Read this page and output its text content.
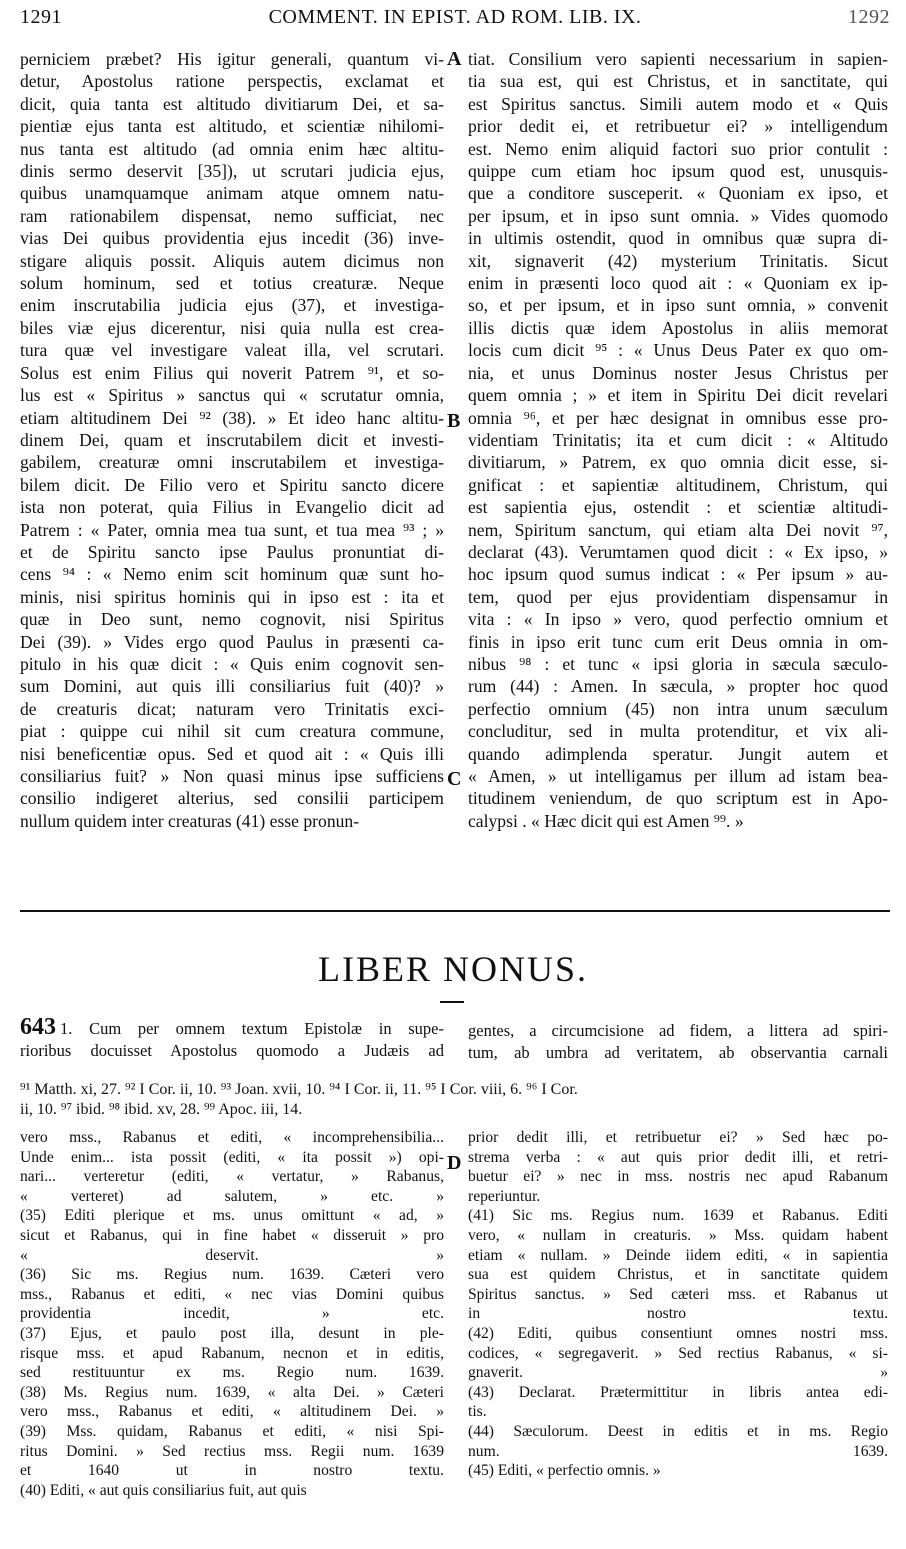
1291	COMMENT. IN EPIST. AD ROM. LIB. IX.	1292
perniciem præbet? His igitur generali, quantum vi-
detur, Apostolus ratione perspectis, exclamat et
dicit, quia tanta est altitudo divitiarum Dei, et sa-
pientiæ ejus tanta est altitudo, et scientiæ nihilomi-
nus tanta est altitudo (ad omnia enim hæc altitu-
dinis sermo deservit [35]), ut scrutari judicia ejus,
quibus unamquamque animam atque omnem natu-
ram rationabilem dispensat, nemo sufficiat, nec
vias Dei quibus providentia ejus incedit (36) inve-
stigare aliquis possit. Aliquis autem dicimus non
solum hominum, sed et totius creaturæ. Neque
enim inscrutabilia judicia ejus (37), et investiga-
biles viæ ejus dicerentur, nisi quia nulla est crea-
tura quæ vel investigare valeat illa, vel scrutari.
Solus est enim Filius qui noverit Patrem ⁹¹, et so-
lus est « Spiritus » sanctus qui « scrutatur omnia,
etiam altitudinem Dei ⁹² (38). » Et ideo hanc altitu-
dinem Dei, quam et inscrutabilem dicit et investi-
gabilem, creaturæ omni inscrutabilem et investiga-
bilem dicit. De Filio vero et Spiritu sancto dicere
ista non poterat, quia Filius in Evangelio dicit ad
Patrem : « Pater, omnia mea tua sunt, et tua mea ⁹³ ; »
et de Spiritu sancto ipse Paulus pronuntiat di-
cens ⁹⁴ : « Nemo enim scit hominum quæ sunt ho-
minis, nisi spiritus hominis qui in ipso est : ita et
quæ in Deo sunt, nemo cognovit, nisi Spiritus
Dei (39). » Vides ergo quod Paulus in præsenti ca-
pitulo in his quæ dicit : « Quis enim cognovit sen-
sum Domini, aut quis illi consiliarius fuit (40)? »
de creaturis dicat; naturam vero Trinitatis exci-
piat : quippe cui nihil sit cum creatura commune,
nisi beneficentiæ opus. Sed et quod ait : « Quis illi
consiliarius fuit? » Non quasi minus ipse sufficiens
consilio indigeret alterius, sed consilii participem
nullum quidem inter creaturas (41) esse pronun-
tiat. Consilium vero sapienti necessarium in sapien-
tia sua est, qui est Christus, et in sanctitate, qui
est Spiritus sanctus. Simili autem modo et « Quis
prior dedit ei, et retribuetur ei? » intelligendum
est. Nemo enim aliquid factori suo prior contulit :
quippe cum etiam hoc ipsum quod est, unusquis-
que a conditore susceperit. « Quoniam ex ipso, et
per ipsum, et in ipso sunt omnia. » Vides quomodo
in ultimis ostendit, quod in omnibus quæ supra di-
xit, signaverit (42) mysterium Trinitatis. Sicut
enim in præsenti loco quod ait : « Quoniam ex ip-
so, et per ipsum, et in ipso sunt omnia, » convenit
illis dictis quæ idem Apostolus in aliis memorat
locis cum dicit ⁹⁵ : « Unus Deus Pater ex quo om-
nia, et unus Dominus noster Jesus Christus per
quem omnia ; » et item in Spiritu Dei dicit revelari
omnia ⁹⁶, et per hæc designat in omnibus esse pro-
videntiam Trinitatis; ita et cum dicit : « Altitudo
divitiarum, » Patrem, ex quo omnia dicit esse, si-
gnificat : et sapientiæ altitudinem, Christum, qui
est sapientia ejus, ostendit : et scientiæ altitudi-
nem, Spiritum sanctum, qui etiam alta Dei novit ⁹⁷,
declarat (43). Verumtamen quod dicit : « Ex ipso, »
hoc ipsum quod sumus indicat : « Per ipsum » au-
tem, quod per ejus providentiam dispensamur in
vita : « In ipso » vero, quod perfectio omnium et
finis in ipso erit tunc cum erit Deus omnia in om-
nibus ⁹⁸ : et tunc « ipsi gloria in sæcula sæculo-
rum (44) : Amen. In sæcula, » propter hoc quod
perfectio omnium (45) non intra unum sæculum
concluditur, sed in multa protenditur, et vix ali-
quando adimplenda speratur. Jungit autem et
« Amen, » ut intelligamus per illum ad istam bea-
titudinem veniendum, de quo scriptum est in Apo-
calypsi . « Hæc dicit qui est Amen ⁹⁹. »
A
B
C
D
LIBER NONUS.
643 1. Cum per omnem textum Epistolæ in supe-
rioribus docuisset Apostolus quomodo a Judæis ad
gentes, a circumcisione ad fidem, a littera ad spiri-
tum, ab umbra ad veritatem, ab observantia carnali
⁹¹ Matth. xi, 27. ⁹² I Cor. ii, 10. ⁹³ Joan. xvii, 10. ⁹⁴ I Cor. ii, 11. ⁹⁵ I Cor. viii, 6. ⁹⁶ I Cor.
ii, 10. ⁹⁷ ibid. ⁹⁸ ibid. xv, 28. ⁹⁹ Apoc. iii, 14.
vero mss., Rabanus et editi, « incomprehensibilia...
Unde enim... ista possit (editi, « ita possit ») opi-
nari... verteretur (editi, « vertatur, » Rabanus,
« verteret) ad salutem, » etc. »
(35) Editi plerique et ms. unus omittunt « ad, »
sicut et Rabanus, qui in fine habet « disseruit » pro
« deservit. »
(36) Sic ms. Regius num. 1639. Cæteri vero
mss., Rabanus et editi, « nec vias Domini quibus
providentia incedit, » etc.
(37) Ejus, et paulo post illa, desunt in ple-
risque mss. et apud Rabanum, necnon et in editis,
sed restituuntur ex ms. Regio num. 1639.
(38) Ms. Regius num. 1639, « alta Dei. » Cæteri
vero mss., Rabanus et editi, « altitudinem Dei. »
(39) Mss. quidam, Rabanus et editi, « nisi Spi-
ritus Domini. » Sed rectius mss. Regii num. 1639
et 1640 ut in nostro textu.
(40) Editi, « aut quis consiliarius fuit, aut quis
prior dedit illi, et retribuetur ei? » Sed hæc po-
strema verba : « aut quis prior dedit illi, et retri-
buetur ei? » nec in mss. nostris nec apud Rabanum
reperiuntur.
(41) Sic ms. Regius num. 1639 et Rabanus. Editi
vero, « nullam in creaturis. » Mss. quidam habent
etiam « nullam. » Deinde iidem editi, « in sapientia
sua est quidem Christus, et in sanctitate quidem
Spiritus sanctus. » Sed cæteri mss. et Rabanus ut
in nostro textu.
(42) Editi, quibus consentiunt omnes nostri mss.
codices, « segregaverit. » Sed rectius Rabanus, « si-
gnaverit. »
(43) Declarat. Prætermittitur in libris antea edi-
tis.
(44) Sæculorum. Deest in editis et in ms. Regio
num. 1639.
(45) Editi, « perfectio omnis. »
